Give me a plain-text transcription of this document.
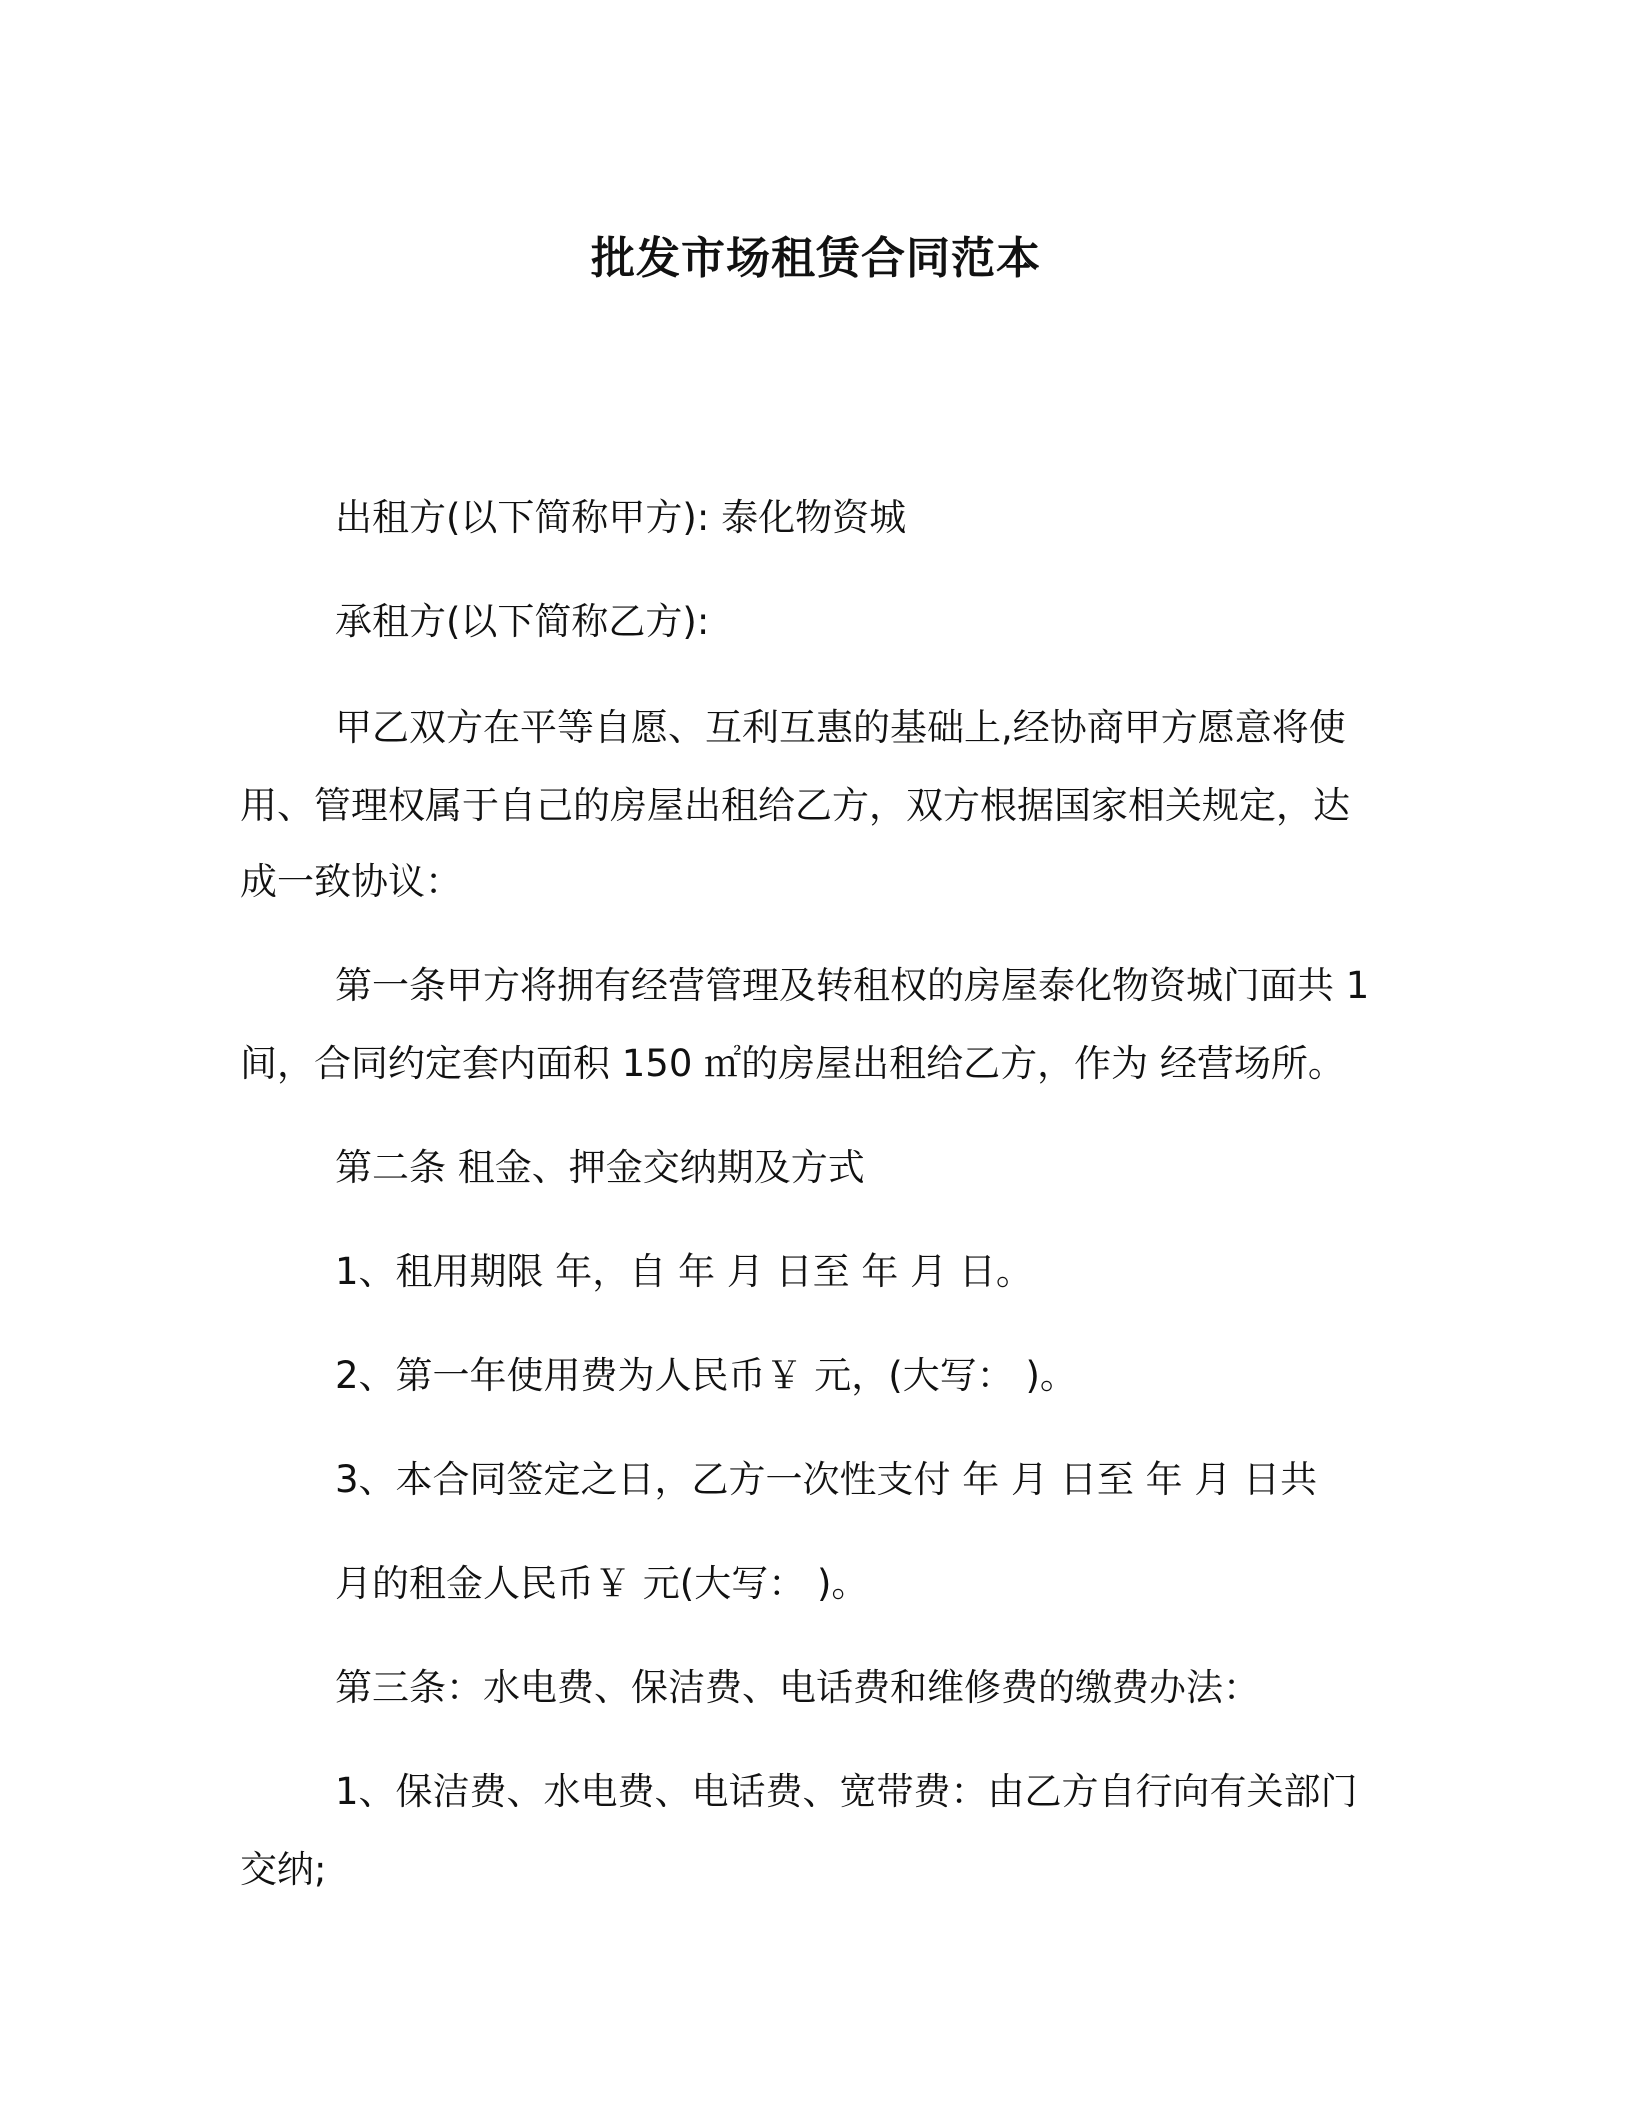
批发市场租赁合同范本
出租方(以下简称甲方): 泰化物资城
承租方(以下简称乙方):
甲乙双方在平等自愿、互利互惠的基础上,经协商甲方愿意将使
用、管理权属于自己的房屋出租给乙方，双方根据国家相关规定，达
成一致协议：
第一条甲方将拥有经营管理及转租权的房屋泰化物资城门面共 1
间，合同约定套内面积 150 ㎡的房屋出租给乙方，作为 经营场所。
第二条 租金、押金交纳期及方式
1、租用期限 年，自 年 月 日至 年 月 日。
2、第一年使用费为人民币￥ 元，(大写： )。
3、本合同签定之日，乙方一次性支付 年 月 日至 年 月 日共
月的租金人民币￥ 元(大写： )。
第三条：水电费、保洁费、电话费和维修费的缴费办法：
1、保洁费、水电费、电话费、宽带费：由乙方自行向有关部门
交纳;
